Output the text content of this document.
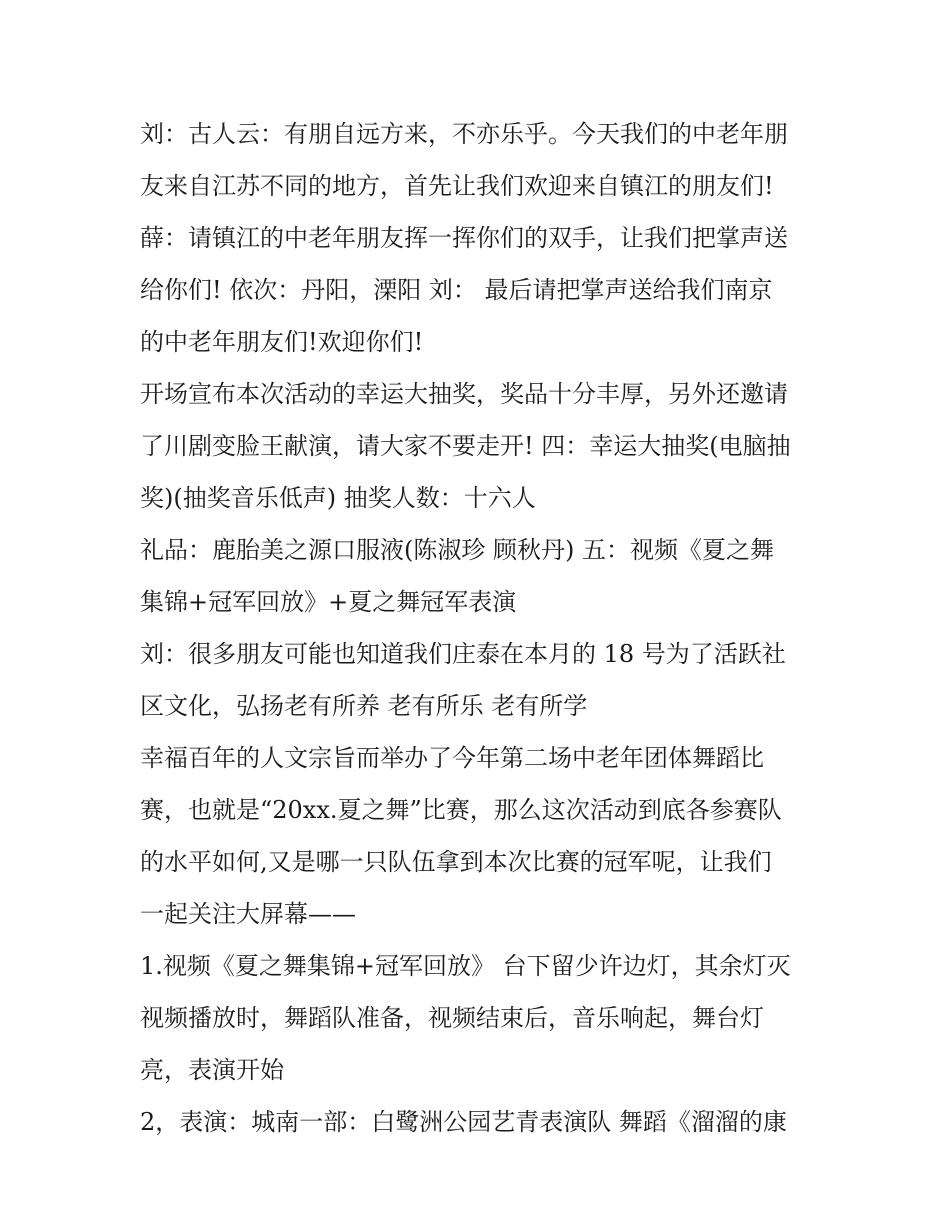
刘：古人云：有朋自远方来，不亦乐乎。今天我们的中老年朋
友来自江苏不同的地方，首先让我们欢迎来自镇江的朋友们!
薛：请镇江的中老年朋友挥一挥你们的双手，让我们把掌声送
给你们! 依次：丹阳，溧阳 刘： 最后请把掌声送给我们南京
的中老年朋友们!欢迎你们!
开场宣布本次活动的幸运大抽奖，奖品十分丰厚，另外还邀请
了川剧变脸王献演，请大家不要走开! 四：幸运大抽奖(电脑抽
奖)(抽奖音乐低声) 抽奖人数：十六人
礼品：鹿胎美之源口服液(陈淑珍 顾秋丹) 五：视频《夏之舞
集锦+冠军回放》+夏之舞冠军表演
刘：很多朋友可能也知道我们庄泰在本月的 18 号为了活跃社
区文化，弘扬老有所养 老有所乐 老有所学
幸福百年的人文宗旨而举办了今年第二场中老年团体舞蹈比
赛，也就是“20xx.夏之舞”比赛，那么这次活动到底各参赛队
的水平如何,又是哪一只队伍拿到本次比赛的冠军呢，让我们
一起关注大屏幕——
1.视频《夏之舞集锦+冠军回放》 台下留少许边灯，其余灯灭
视频播放时，舞蹈队准备，视频结束后，音乐响起，舞台灯
亮，表演开始
2，表演：城南一部：白鹭洲公园艺青表演队 舞蹈《溜溜的康
